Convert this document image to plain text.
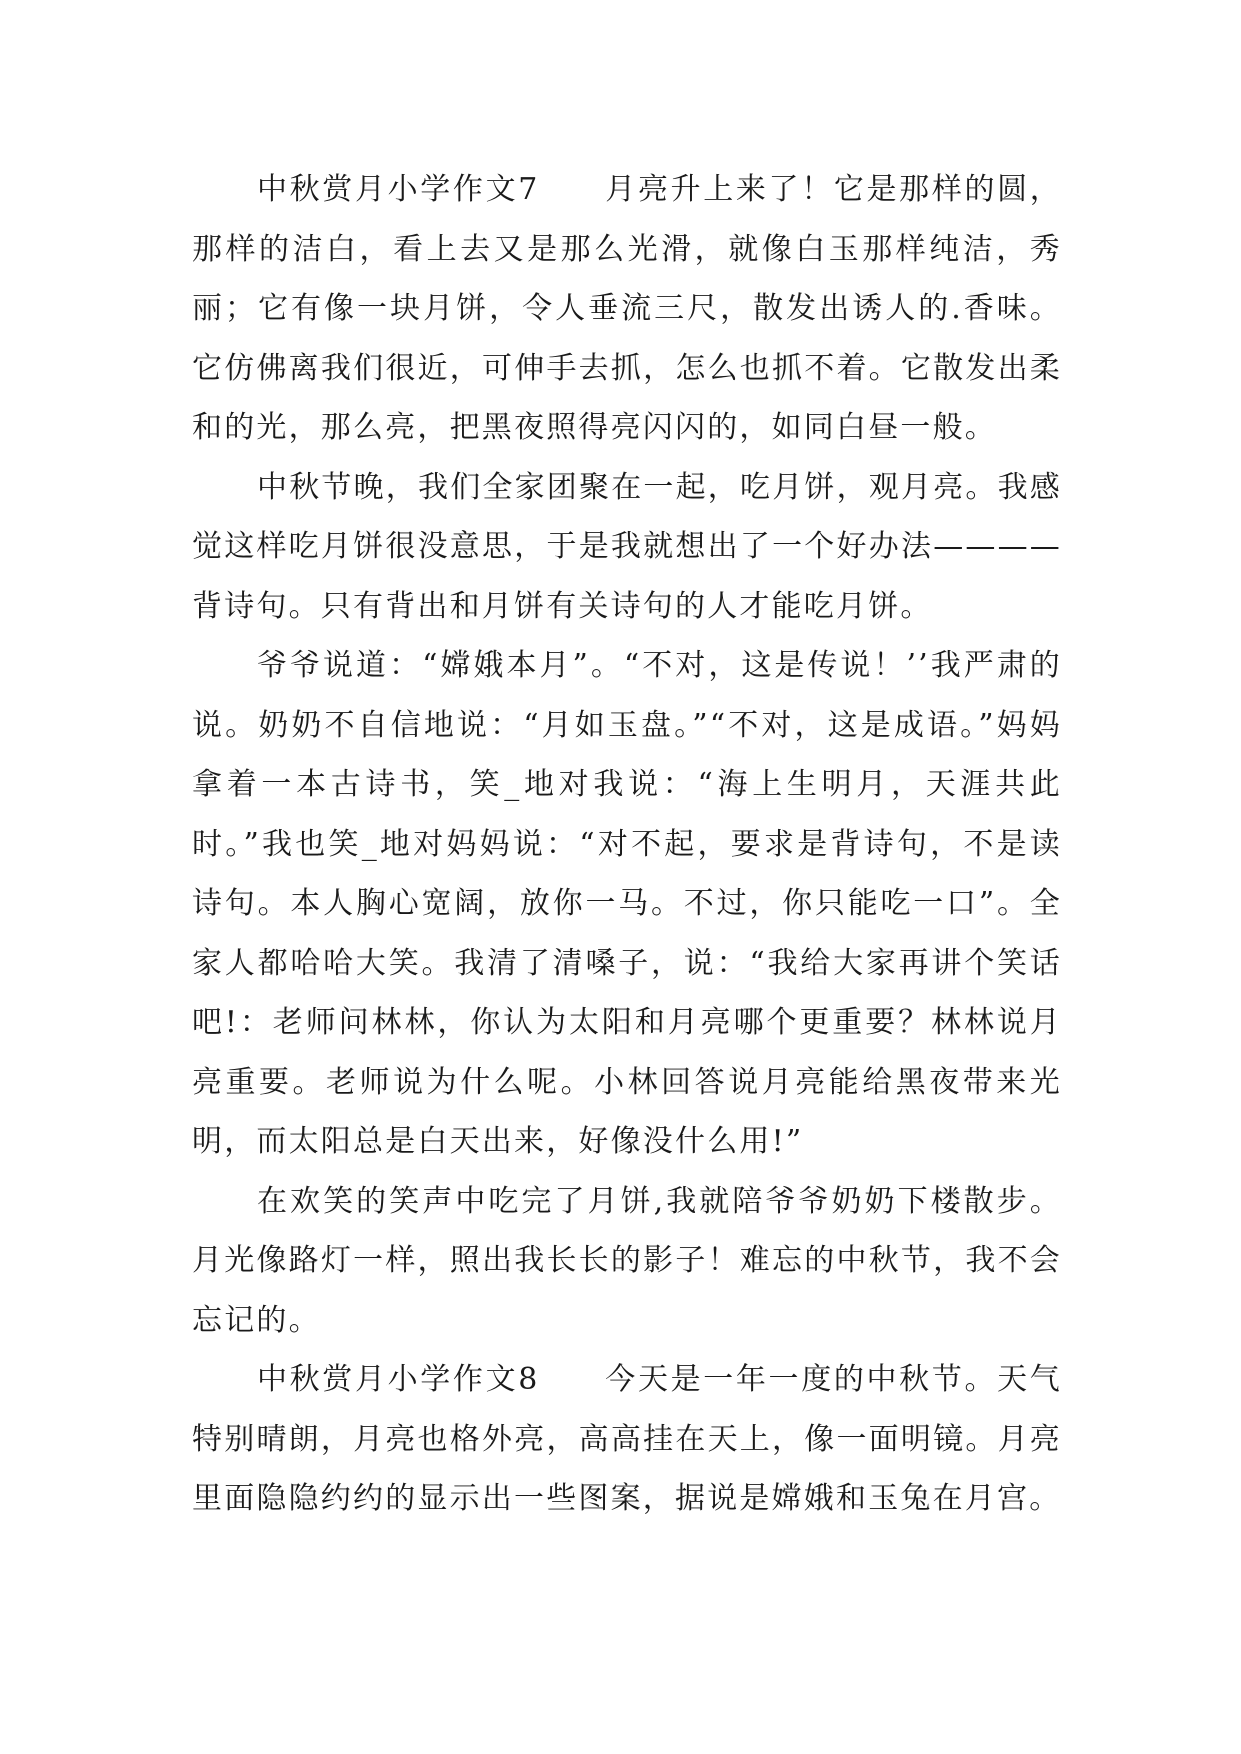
中秋赏月小学作文7　　月亮升上来了！它是那样的圆，那样的洁白，看上去又是那么光滑，就像白玉那样纯洁，秀丽；它有像一块月饼，令人垂流三尺，散发出诱人的.香味。它仿佛离我们很近，可伸手去抓，怎么也抓不着。它散发出柔和的光，那么亮，把黑夜照得亮闪闪的，如同白昼一般。

中秋节晚，我们全家团聚在一起，吃月饼，观月亮。我感觉这样吃月饼很没意思，于是我就想出了一个好办法————背诗句。只有背出和月饼有关诗句的人才能吃月饼。

爷爷说道：“嫦娥本月”。“不对，这是传说！’’我严肃的说。奶奶不自信地说：“月如玉盘。”“不对，这是成语。”妈妈拿着一本古诗书，笑_地对我说：“海上生明月，天涯共此时。”我也笑_地对妈妈说：“对不起，要求是背诗句，不是读诗句。本人胸心宽阔，放你一马。不过，你只能吃一口”。全家人都哈哈大笑。我清了清嗓子，说：“我给大家再讲个笑话吧!：老师问林林，你认为太阳和月亮哪个更重要？林林说月亮重要。老师说为什么呢。小林回答说月亮能给黑夜带来光明，而太阳总是白天出来，好像没什么用!”

在欢笑的笑声中吃完了月饼,我就陪爷爷奶奶下楼散步。月光像路灯一样，照出我长长的影子！难忘的中秋节，我不会忘记的。

中秋赏月小学作文8　　今天是一年一度的中秋节。天气特别晴朗，月亮也格外亮，高高挂在天上，像一面明镜。月亮里面隐隐约约的显示出一些图案，据说是嫦娥和玉兔在月宫。
